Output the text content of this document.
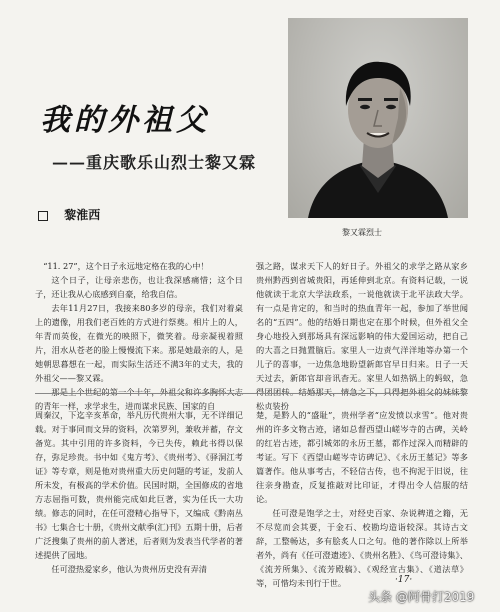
我的外祖父
——重庆歌乐山烈士黎又霖
黎淮西
黎又霖烈士

“11. 27”，这个日子永远地定格在我的心中！

这个日子，让母亲悲伤，也让我深感痛惜；这个日子，还让我从心底感到自豪，给我自信。

去年11月27日，我接来80多岁的母亲，我们对着桌上的遗像，用我们老百姓的方式进行祭奠。相片上的人，年青而英俊，在微光的映照下，微笑着。母亲凝视着照片，泪水从苍老的脸上慢慢流下来。那是她最亲的人，是她朝思暮想在一起，而实际生活还不满3年的丈夫，我的外祖父——黎又霖。

那是上个世纪的第一个十年，外祖父和许多胸怀大志的青年一样，求学求生，进而谋求民族、国家的自

强之路，谋求天下人的好日子。外祖父的求学之路从家乡贵州黔西到省城贵阳，再延伸到北京。有资料记载，一说他就读于北京大学法政系，一说他就读于北平法政大学。有一点是肯定的，和当时的热血青年一起，参加了举世闻名的“五四”。他的结婚日期也定在那个时候，但外祖父全身心地投入到那场具有深远影响的伟大爱国运动，把自己的大喜之日抛置脑后。家里人一边责气洋洋地等办第一个儿子的喜事，一边焦急地盼望新郎官早日归来。日子一天天过去，新郎官却音讯杳无。家里人如热锅上的蚂蚁，急得团团转。结婚那天，情急之下，只得把外祖父的妹妹黎松贞装扮

周秦汉，下迄辛亥革命，举凡历代贵州大事，无不详细记载。对于事同而文异的资料，次第罗列，兼收并蓄，存文备览。其中引用的许多资料，今已失传，赖此书得以保存，弥足珍贵。书中如《鬼方考》、《贵州考》、《驿洞江考证》等专章，则是他对贵州重大历史问题的考证，发前人所未发，有极高的学术价值。民国时期，全国修成的省地方志屈指可数，贵州能完成如此巨著，实为任氏一大功绩。修志的同时，在任可澄精心指导下，又编成《黔南丛书》七集合七十册，《贵州文献季(汇)刊》五期十册，后者广泛搜集了贵州的前人著述，后者则为发表当代学者的著述提供了园地。

任可澄热爱家乡，他认为贵州历史没有弄清

楚，是黔人的“盛耻”，贵州学者“应发愤以求雪”。他对贵州的许多文物古迹，诸如总督西望山嵯岑寺的古碑，关岭的红岩古迹，都引城郊的永历王墓，都作过深入而精辟的考证。写下《西望山嵯岑寺访碑记》、《永历王墓记》等多篇著作。他从事考古，不轻信古传，也不拘泥于旧说，往往亲身勘查，反复推敲对比印证，才得出令人信服的结论。

任可澄是饱学之士，对经史百家、杂说稗道之籍，无不尽览而会其要，于金石、校勘均造诣较深。其诗古文辞，工整畅达，多有脍炙人口之句。他的著作除以上所举者外，尚有《任可澄遗迹》、《贵州名胜》、《鸟可澄诗集》、《流芳所集》、《流芳殿稿》、《观经宣古集》、《道法草》等，可惜均未刊行于世。	·17·
头条 @阿骨打2019
